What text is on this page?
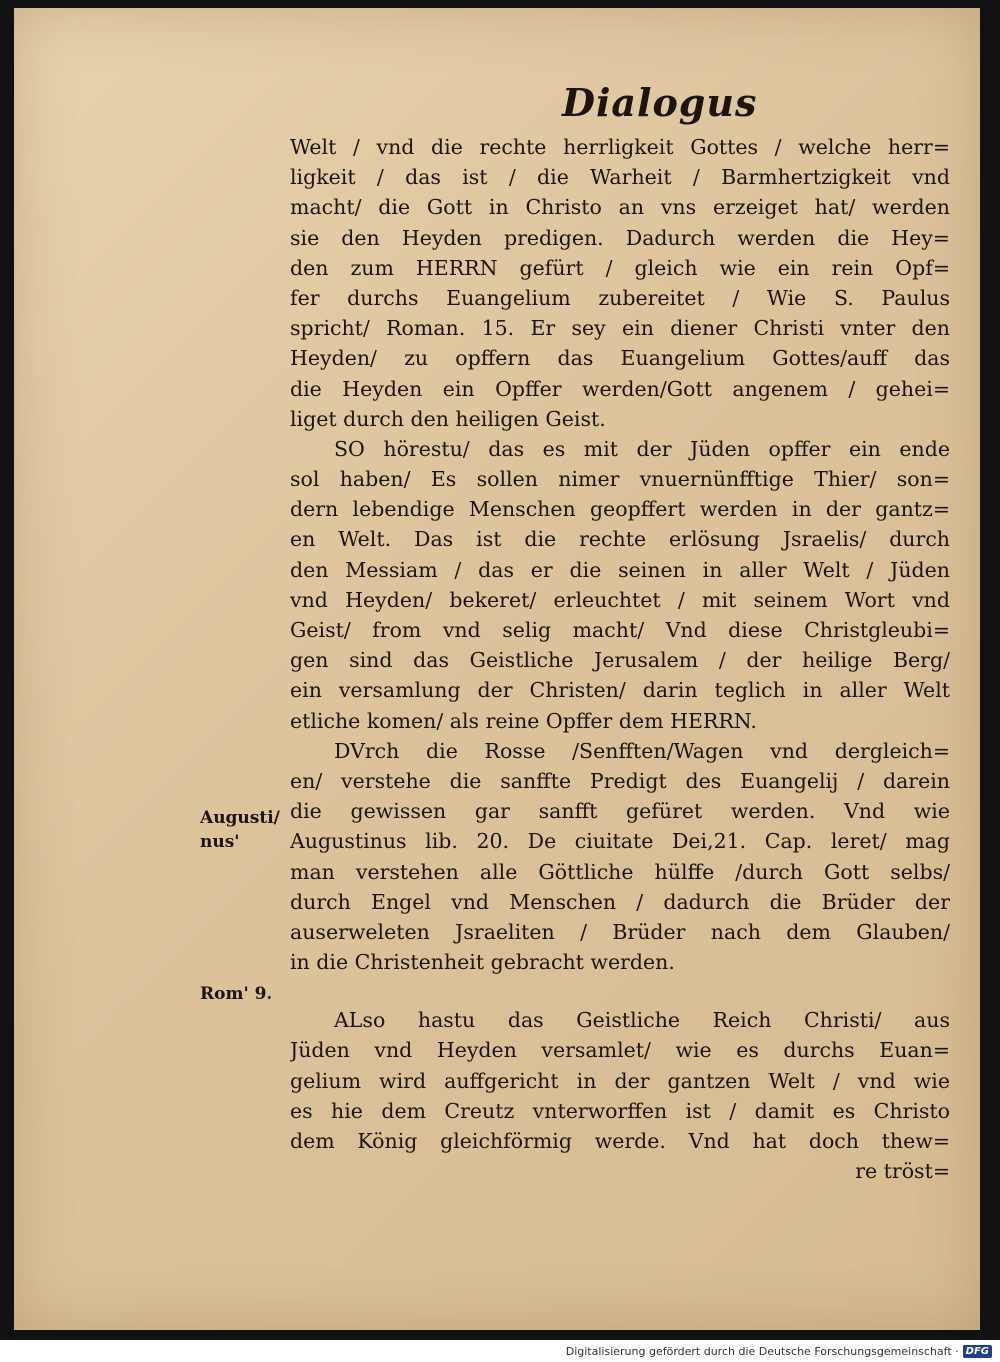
Dialogus
Welt / vnd die rechte herrligkeit Gottes / welche herr=
ligkeit / das ist / die Warheit / Barmhertzigkeit vnd
macht/ die Gott in Christo an vns erzeiget hat/ werden
sie den Heyden predigen. Dadurch werden die Hey=
den zum HERRN gefürt / gleich wie ein rein Opf=
fer durchs Euangelium zubereitet / Wie S. Paulus
spricht/ Roman. 15. Er sey ein diener Christi vnter den
Heyden/ zu opffern das Euangelium Gottes/auff das
die Heyden ein Opffer werden/Gott angenem / gehei=
liget durch den heiligen Geist.
SO hörestu/ das es mit der Jüden opffer ein ende
sol haben/ Es sollen nimer vnuernünfftige Thier/ son=
dern lebendige Menschen geopffert werden in der gantz=
en Welt. Das ist die rechte erlösung Jsraelis/ durch
den Messiam / das er die seinen in aller Welt / Jüden
vnd Heyden/ bekeret/ erleuchtet / mit seinem Wort vnd
Geist/ from vnd selig macht/ Vnd diese Christgleubi=
gen sind das Geistliche Jerusalem / der heilige Berg/
ein versamlung der Christen/ darin teglich in aller Welt
etliche komen/ als reine Opffer dem HERRN.
DVrch die Rosse /Senfften/Wagen vnd dergleich=
en/ verstehe die sanffte Predigt des Euangelij / darein
die gewissen gar sanfft gefüret werden. Vnd wie
Augustinus lib. 20. De ciuitate Dei,21. Cap. leret/ mag
man verstehen alle Göttliche hülffe /durch Gott selbs/
durch Engel vnd Menschen / dadurch die Brüder der
auserweleten Jsraeliten / Brüder nach dem Glauben/
in die Christenheit gebracht werden.
ALso hastu das Geistliche Reich Christi/ aus
Jüden vnd Heyden versamlet/ wie es durchs Euan=
gelium wird auffgericht in der gantzen Welt / vnd wie
es hie dem Creutz vnterworffen ist / damit es Christo
dem König gleichförmig werde. Vnd hat doch thew=
re tröst=
Augusti/
nus'
Rom' 9.
Digitalisierung gefördert durch die Deutsche Forschungsgemeinschaft · DFG
